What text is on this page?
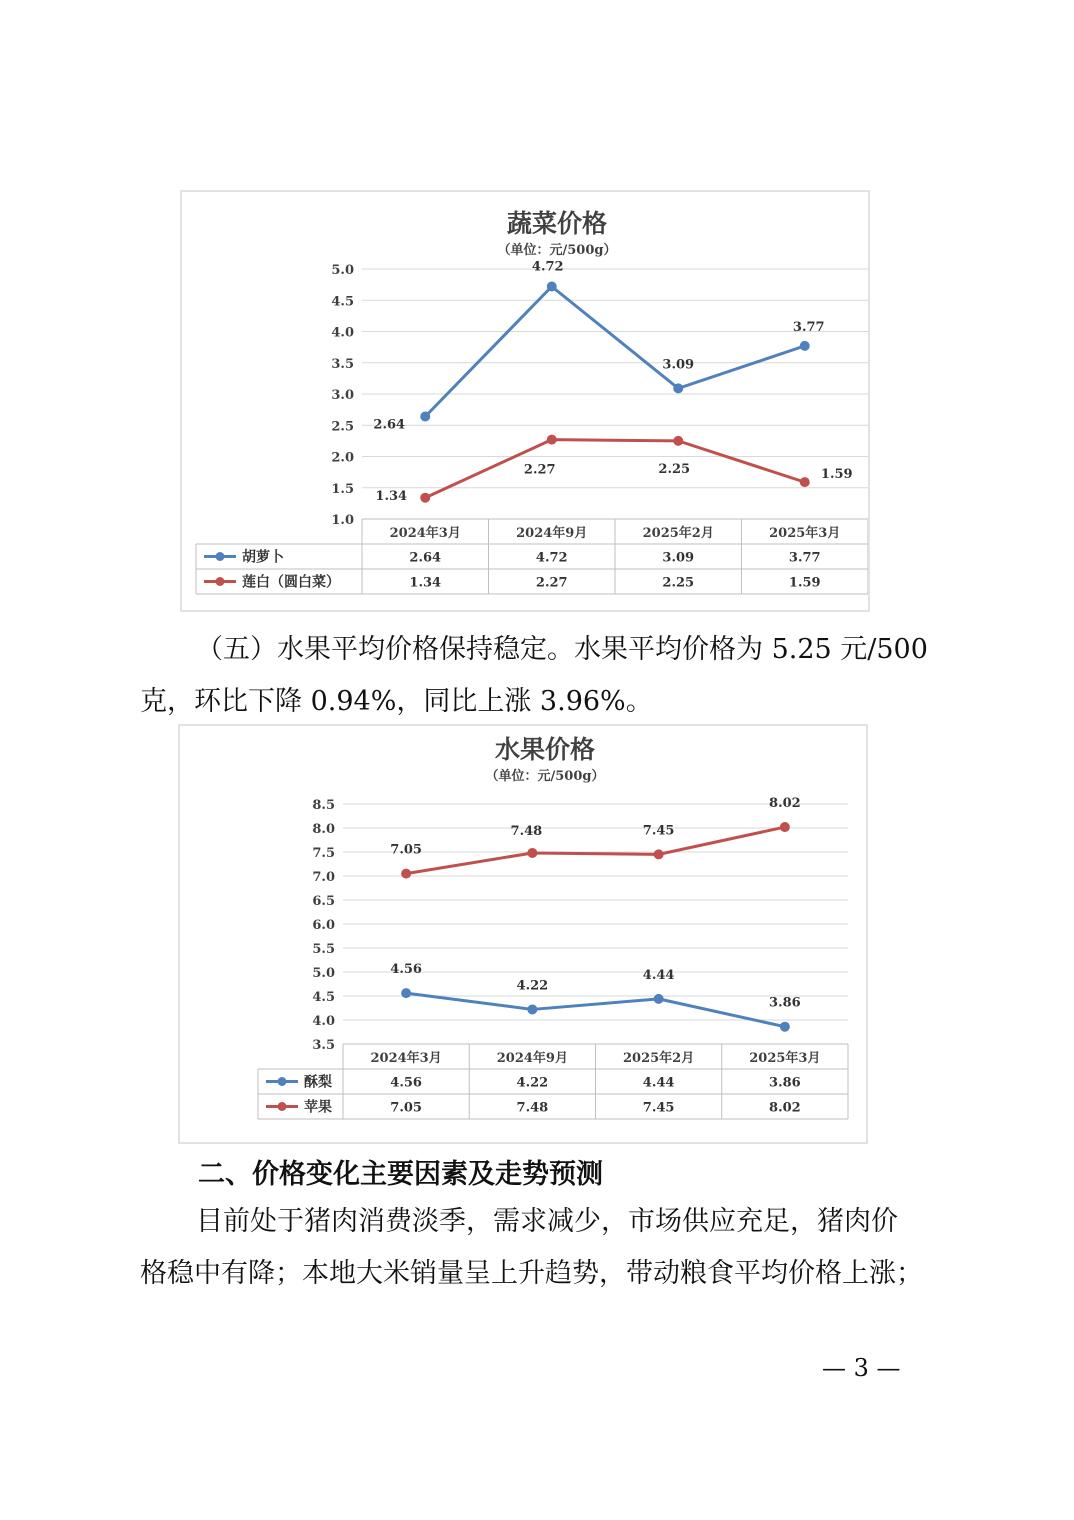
蔬菜价格
（单位：元/500g）
1.0
1.5
2.0
2.5
3.0
3.5
4.0
4.5
5.0
2.64
4.72
3.09
3.77
1.34
2.27	2.25	1.59
2024年3月	2024年9月	2025年2月	2025年3月
胡萝卜	2.64	4.72	3.09	3.77
莲白（圆白菜）	1.34	2.27	2.25	1.59
（五）水果平均价格保持稳定。水果平均价格为 5.25 元/500
克，环比下降 0.94%，同比上涨 3.96%。
水果价格
（单位：元/500g）
3.5
4.0
4.5
5.0
5.5
6.0
6.5
7.0
7.5
8.0
8.5
4.56
4.22
4.44
3.86
7.05
7.48	7.45
8.02
2024年3月	2024年9月	2025年2月	2025年3月
酥梨	4.56	4.22	4.44	3.86
苹果	7.05	7.48	7.45	8.02
二、价格变化主要因素及走势预测
目前处于猪肉消费淡季，需求减少，市场供应充足，猪肉价
格稳中有降；本地大米销量呈上升趋势，带动粮食平均价格上涨；
— 3 —
